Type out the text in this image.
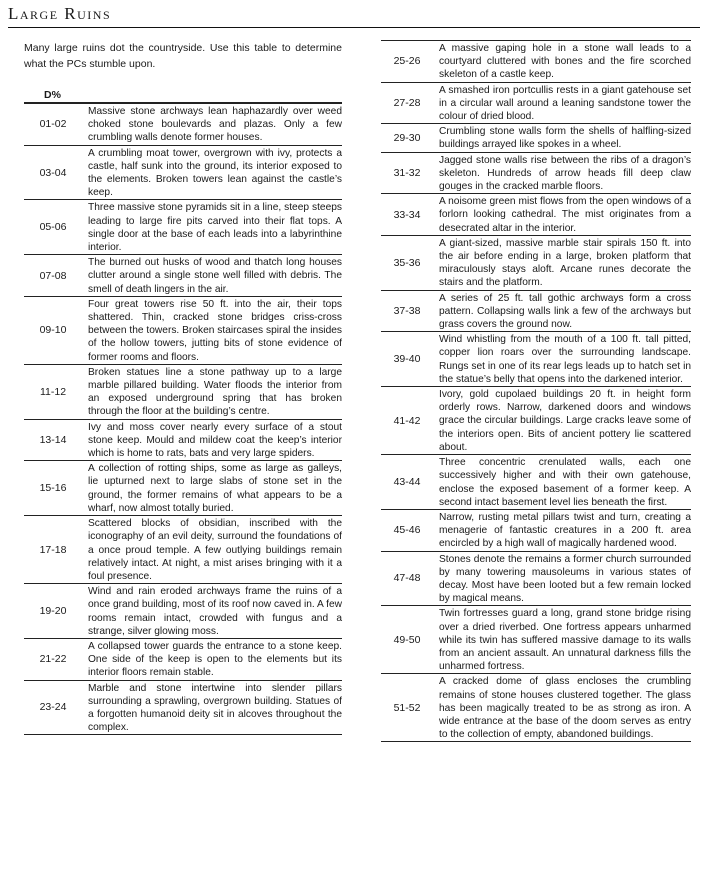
Large Ruins

Many large ruins dot the countryside. Use this table to determine what the PCs stumble upon.

D%
01-02
Massive stone archways lean haphazardly over weed choked stone boulevards and plazas. Only a few crumbling walls denote former houses.
03-04
A crumbling moat tower, overgrown with ivy, protects a castle, half sunk into the ground, its interior exposed to the elements. Broken towers lean against the castle’s keep.
05-06
Three massive stone pyramids sit in a line, steep steeps leading to large fire pits carved into their flat tops. A single door at the base of each leads into a labyrinthine interior.
07-08
The burned out husks of wood and thatch long houses clutter around a single stone well filled with debris. The smell of death lingers in the air.
09-10
Four great towers rise 50 ft. into the air, their tops shattered. Thin, cracked stone bridges criss-cross between the towers. Broken staircases spiral the insides of the hollow towers, jutting bits of stone evidence of former rooms and floors.
11-12
Broken statues line a stone pathway up to a large marble pillared building. Water floods the interior from an exposed underground spring that has broken through the floor at the building’s centre.
13-14
Ivy and moss cover nearly every surface of a stout stone keep. Mould and mildew coat the keep’s interior which is home to rats, bats and very large spiders.
15-16
A collection of rotting ships, some as large as galleys, lie upturned next to large slabs of stone set in the ground, the former remains of what appears to be a wharf, now almost totally buried.
17-18
Scattered blocks of obsidian, inscribed with the iconography of an evil deity, surround the foundations of a once proud temple. A few outlying buildings remain relatively intact. At night, a mist arises bringing with it a foul presence.
19-20
Wind and rain eroded archways frame the ruins of a once grand building, most of its roof now caved in. A few rooms remain intact, crowded with fungus and a strange, silver glowing moss.
21-22
A collapsed tower guards the entrance to a stone keep. One side of the keep is open to the elements but its interior floors remain stable.
23-24
Marble and stone intertwine into slender pillars surrounding a sprawling, overgrown building. Statues of a forgotten humanoid deity sit in alcoves throughout the complex.
25-26
A massive gaping hole in a stone wall leads to a courtyard cluttered with bones and the fire scorched skeleton of a castle keep.
27-28
A smashed iron portcullis rests in a giant gatehouse set in a circular wall around a leaning sandstone tower the colour of dried blood.
29-30
Crumbling stone walls form the shells of halfling-sized buildings arrayed like spokes in a wheel.
31-32
Jagged stone walls rise between the ribs of a dragon’s skeleton. Hundreds of arrow heads fill deep claw gouges in the cracked marble floors.
33-34
A noisome green mist flows from the open windows of a forlorn looking cathedral. The mist originates from a desecrated altar in the interior.
35-36
A giant-sized, massive marble stair spirals 150 ft. into the air before ending in a large, broken platform that miraculously stays aloft. Arcane runes decorate the stairs and the platform.
37-38
A series of 25 ft. tall gothic archways form a cross pattern. Collapsing walls link a few of the archways but grass covers the ground now.
39-40
Wind whistling from the mouth of a 100 ft. tall pitted, copper lion roars over the surrounding landscape. Rungs set in one of its rear legs leads up to hatch set in the statue’s belly that opens into the darkened interior.
41-42
Ivory, gold cupolaed buildings 20 ft. in height form orderly rows. Narrow, darkened doors and windows grace the circular buildings. Large cracks leave some of the interiors open. Bits of ancient pottery lie scattered about.
43-44
Three concentric crenulated walls, each one successively higher and with their own gatehouse, enclose the exposed basement of a former keep. A second intact basement level lies beneath the first.
45-46
Narrow, rusting metal pillars twist and turn, creating a menagerie of fantastic creatures in a 200 ft. area encircled by a high wall of magically hardened wood.
47-48
Stones denote the remains a former church surrounded by many towering mausoleums in various states of decay. Most have been looted but a few remain locked by magical means.
49-50
Twin fortresses guard a long, grand stone bridge rising over a dried riverbed. One fortress appears unharmed while its twin has suffered massive damage to its walls from an ancient assault. An unnatural darkness fills the unharmed fortress.
51-52
A cracked dome of glass encloses the crumbling remains of stone houses clustered together. The glass has been magically treated to be as strong as iron. A wide entrance at the base of the doom serves as entry to the collection of empty, abandoned buildings.
